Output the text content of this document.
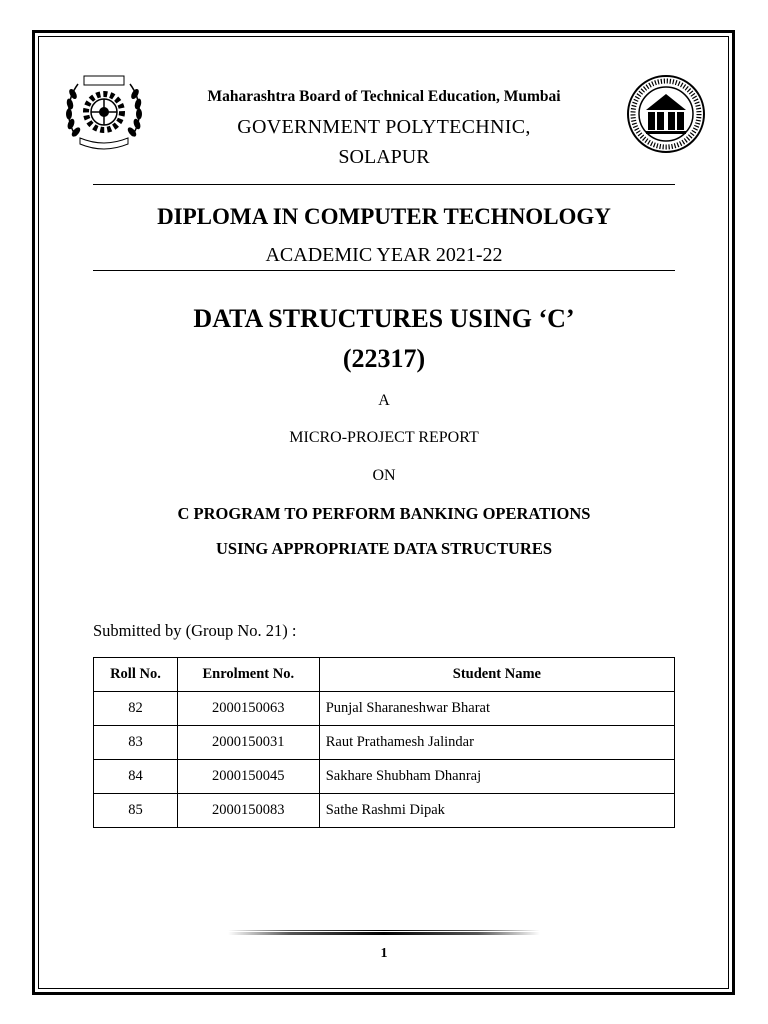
Maharashtra Board of Technical Education, Mumbai
GOVERNMENT POLYTECHNIC,
SOLAPUR
DIPLOMA IN COMPUTER TECHNOLOGY
ACADEMIC YEAR 2021-22
DATA STRUCTURES USING ‘C’
(22317)
A
MICRO-PROJECT REPORT
ON
C PROGRAM TO PERFORM BANKING OPERATIONS
USING APPROPRIATE DATA STRUCTURES
Submitted by (Group No. 21) :
Roll No.	Enrolment No.	Student Name
82	2000150063	Punjal Sharaneshwar Bharat
83	2000150031	Raut Prathamesh Jalindar
84	2000150045	Sakhare Shubham Dhanraj
85	2000150083	Sathe Rashmi Dipak
1
